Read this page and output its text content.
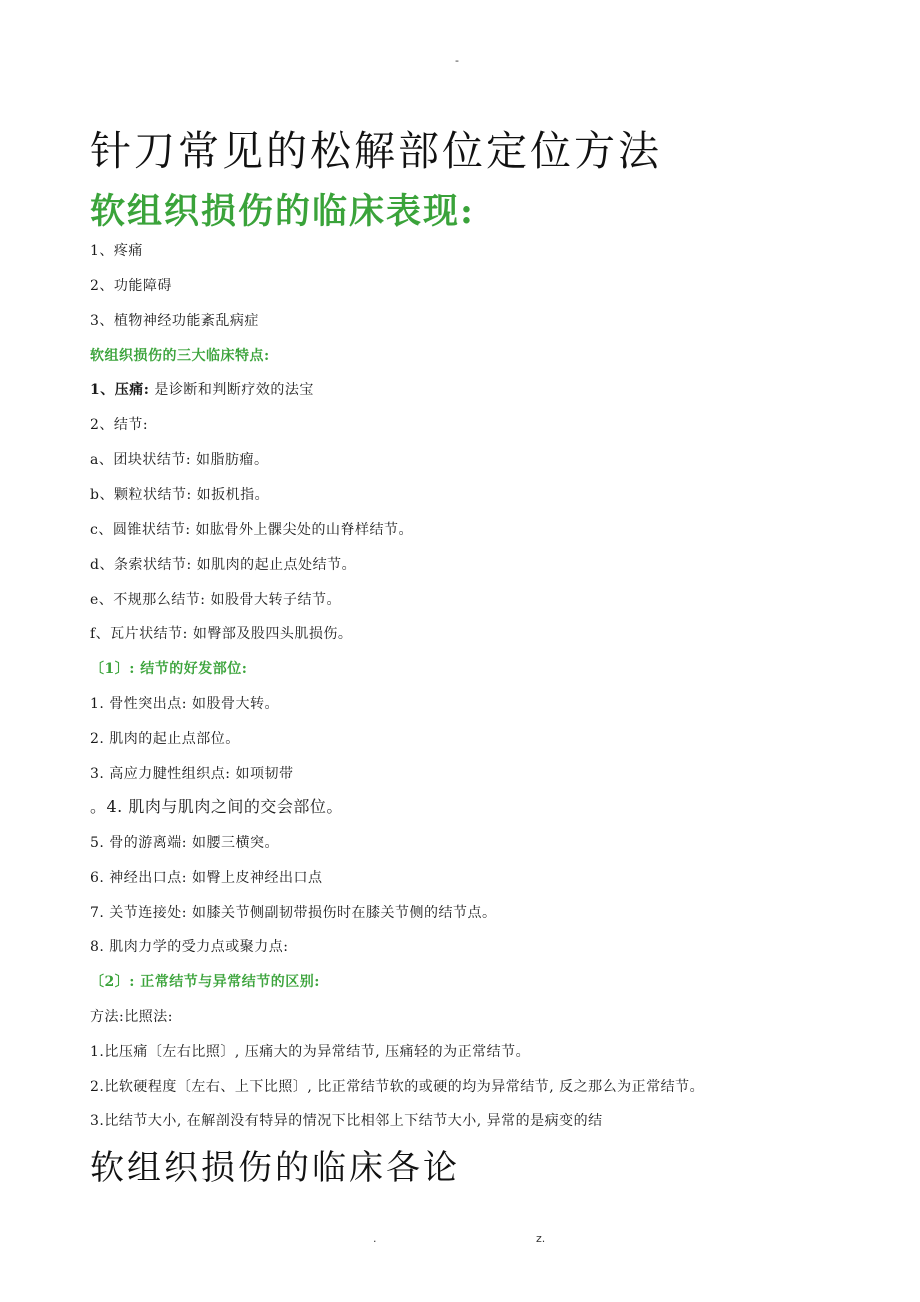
-
针刀常见的松解部位定位方法
软组织损伤的临床表现:

1、疼痛

2、功能障碍

3、植物神经功能紊乱病症

软组织损伤的三大临床特点:

1、压痛: 是诊断和判断疗效的法宝

2、结节:

a、团块状结节: 如脂肪瘤。

b、颗粒状结节: 如扳机指。

c、圆锥状结节: 如肱骨外上髁尖处的山脊样结节。

d、条索状结节: 如肌肉的起止点处结节。

e、不规那么结节: 如股骨大转子结节。

f、瓦片状结节: 如臀部及股四头肌损伤。

〔1〕: 结节的好发部位:

1. 骨性突出点: 如股骨大转。

2. 肌肉的起止点部位。

3. 高应力腱性组织点: 如项韧带

。4. 肌肉与肌肉之间的交会部位。

5. 骨的游离端: 如腰三横突。

6. 神经出口点: 如臀上皮神经出口点

7. 关节连接处: 如膝关节侧副韧带损伤时在膝关节侧的结节点。

8. 肌肉力学的受力点或聚力点:

〔2〕: 正常结节与异常结节的区别:

方法:比照法:

1.比压痛〔左右比照〕, 压痛大的为异常结节, 压痛轻的为正常结节。

2.比软硬程度〔左右、上下比照〕, 比正常结节软的或硬的均为异常结节, 反之那么为正常结节。

3.比结节大小, 在解剖没有特异的情况下比相邻上下结节大小, 异常的是病变的结

软组织损伤的临床各论
.	z.
